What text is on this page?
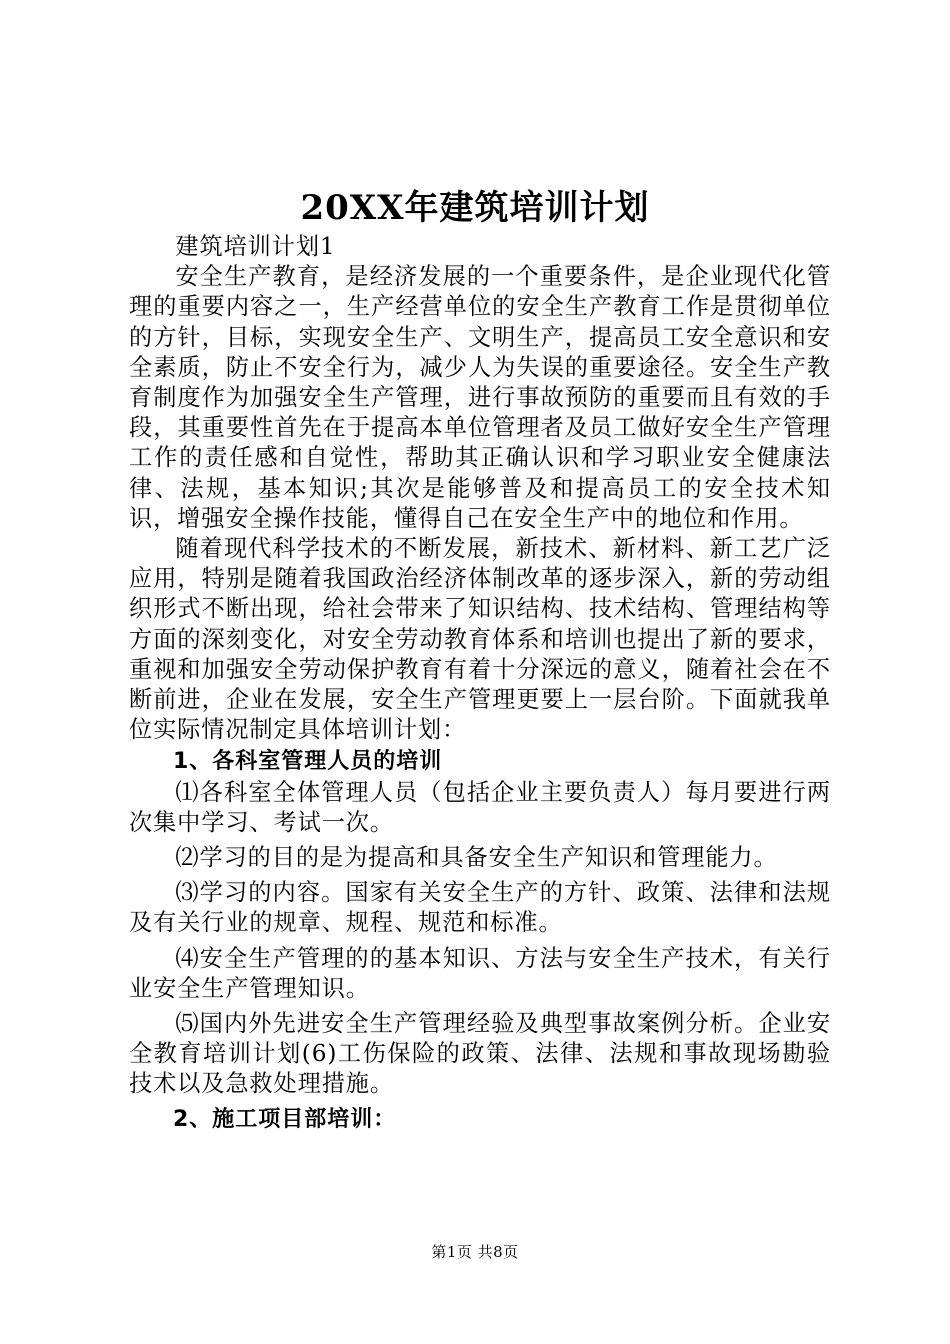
20XX年建筑培训计划

建筑培训计划1

安全生产教育，是经济发展的一个重要条件，是企业现代化管理的重要内容之一，生产经营单位的安全生产教育工作是贯彻单位的方针，目标，实现安全生产、文明生产，提高员工安全意识和安全素质，防止不安全行为，减少人为失误的重要途径。安全生产教育制度作为加强安全生产管理，进行事故预防的重要而且有效的手段，其重要性首先在于提高本单位管理者及员工做好安全生产管理工作的责任感和自觉性，帮助其正确认识和学习职业安全健康法律、法规，基本知识;其次是能够普及和提高员工的安全技术知识，增强安全操作技能，懂得自己在安全生产中的地位和作用。

随着现代科学技术的不断发展，新技术、新材料、新工艺广泛应用，特别是随着我国政治经济体制改革的逐步深入，新的劳动组织形式不断出现，给社会带来了知识结构、技术结构、管理结构等方面的深刻变化，对安全劳动教育体系和培训也提出了新的要求，重视和加强安全劳动保护教育有着十分深远的意义，随着社会在不断前进，企业在发展，安全生产管理更要上一层台阶。下面就我单位实际情况制定具体培训计划：

1、各科室管理人员的培训

⑴各科室全体管理人员（包括企业主要负责人）每月要进行两次集中学习、考试一次。

⑵学习的目的是为提高和具备安全生产知识和管理能力。

⑶学习的内容。国家有关安全生产的方针、政策、法律和法规及有关行业的规章、规程、规范和标准。

⑷安全生产管理的的基本知识、方法与安全生产技术，有关行业安全生产管理知识。

⑸国内外先进安全生产管理经验及典型事故案例分析。企业安全教育培训计划(6)工伤保险的政策、法律、法规和事故现场勘验技术以及急救处理措施。

2、施工项目部培训：

第1页 共8页
